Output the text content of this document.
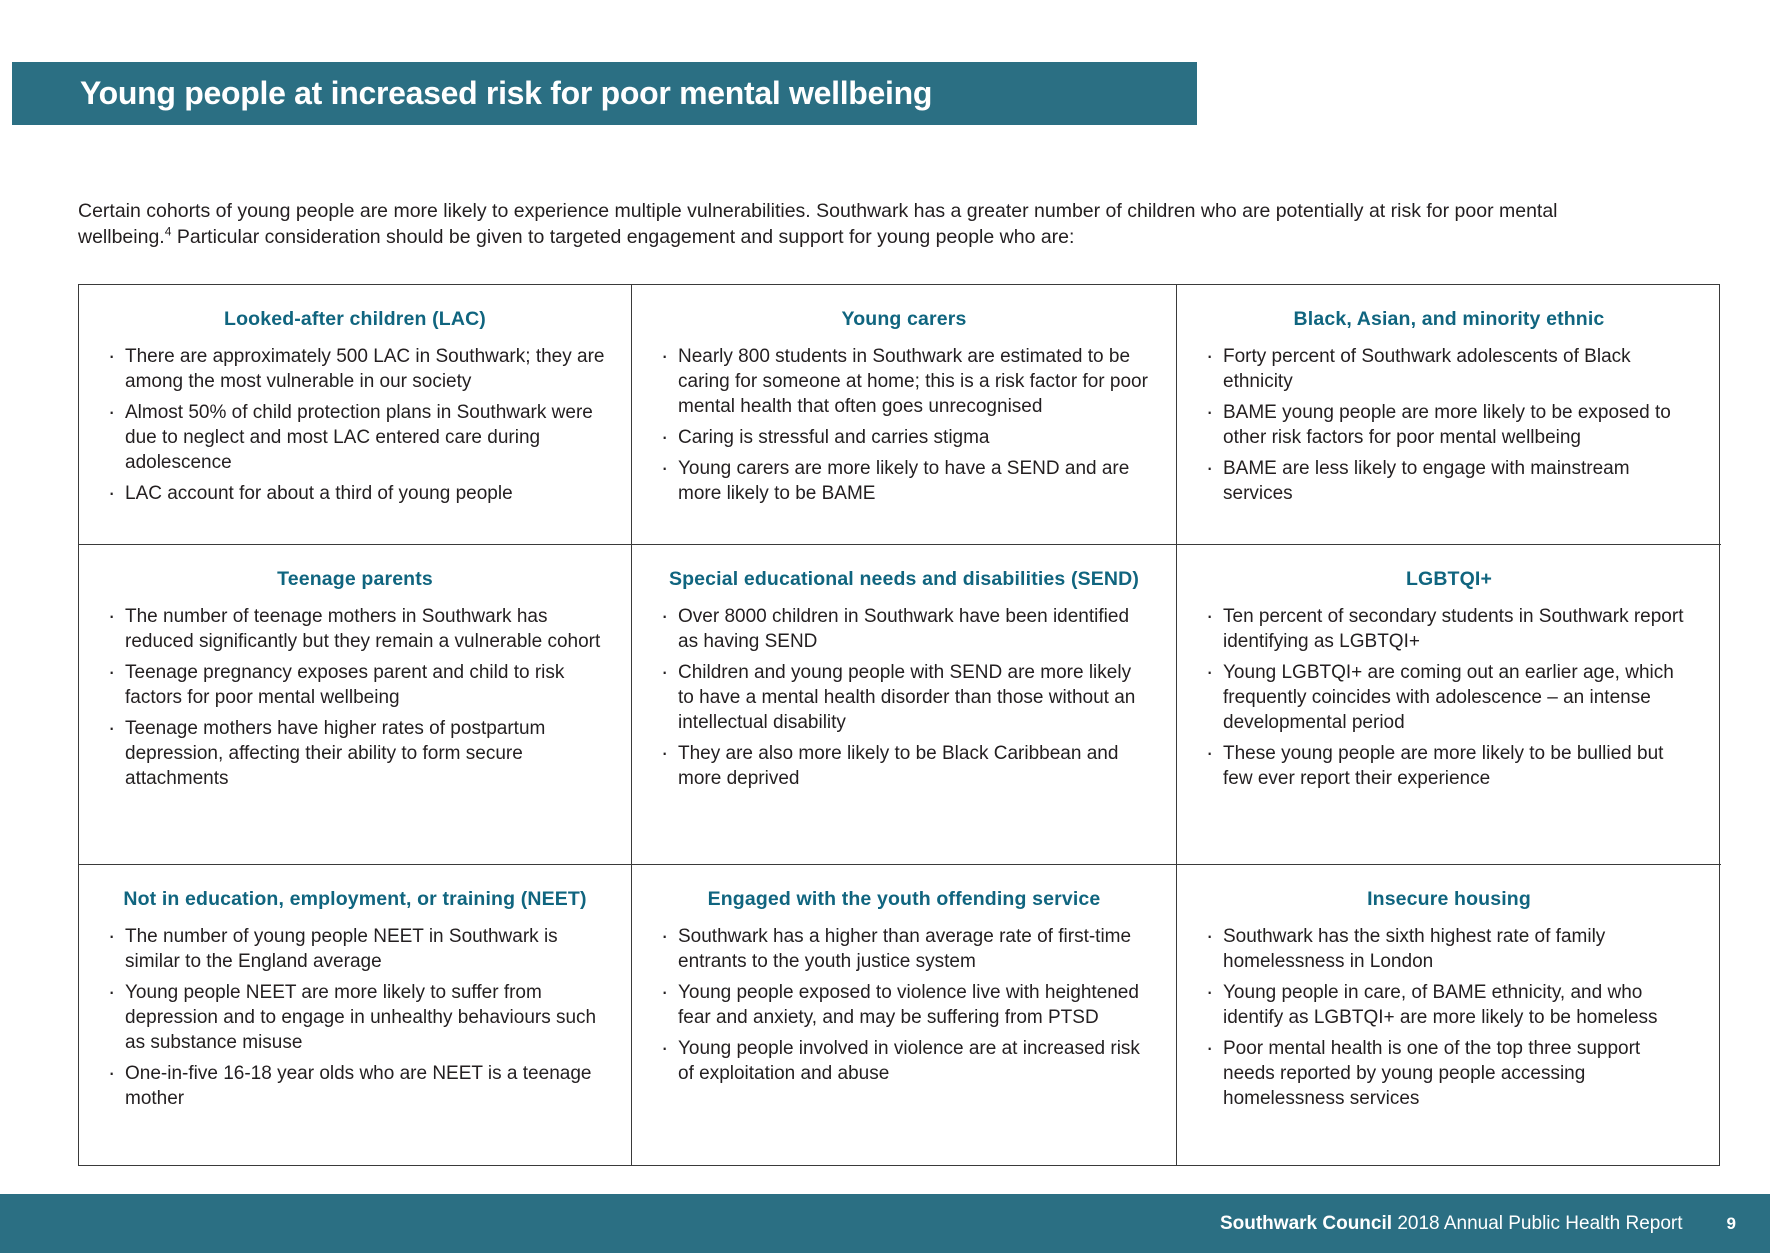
Young people at increased risk for poor mental wellbeing

Certain cohorts of young people are more likely to experience multiple vulnerabilities. Southwark has a greater number of children who are potentially at risk for poor mental wellbeing.$^4$ Particular consideration should be given to targeted engagement and support for young people who are:

Looked-after children (LAC)
· There are approximately 500 LAC in Southwark; they are among the most vulnerable in our society
· Almost 50% of child protection plans in Southwark were due to neglect and most LAC entered care during adolescence
· LAC account for about a third of young people
Young carers
· Nearly 800 students in Southwark are estimated to be caring for someone at home; this is a risk factor for poor mental health that often goes unrecognised
· Caring is stressful and carries stigma
· Young carers are more likely to have a SEND and are more likely to be BAME
Black, Asian, and minority ethnic
· Forty percent of Southwark adolescents of Black ethnicity
· BAME young people are more likely to be exposed to other risk factors for poor mental wellbeing
· BAME are less likely to engage with mainstream services
Teenage parents
· The number of teenage mothers in Southwark has reduced significantly but they remain a vulnerable cohort
· Teenage pregnancy exposes parent and child to risk factors for poor mental wellbeing
· Teenage mothers have higher rates of postpartum depression, affecting their ability to form secure attachments
Special educational needs and disabilities (SEND)
· Over 8000 children in Southwark have been identified as having SEND
· Children and young people with SEND are more likely to have a mental health disorder than those without an intellectual disability
· They are also more likely to be Black Caribbean and more deprived
LGBTQI+
· Ten percent of secondary students in Southwark report identifying as LGBTQI+
· Young LGBTQI+ are coming out an earlier age, which frequently coincides with adolescence – an intense developmental period
· These young people are more likely to be bullied but few ever report their experience
Not in education, employment, or training (NEET)
· The number of young people NEET in Southwark is similar to the England average
· Young people NEET are more likely to suffer from depression and to engage in unhealthy behaviours such as substance misuse
· One-in-five 16-18 year olds who are NEET is a teenage mother
Engaged with the youth offending service
· Southwark has a higher than average rate of first-time entrants to the youth justice system
· Young people exposed to violence live with heightened fear and anxiety, and may be suffering from PTSD
· Young people involved in violence are at increased risk of exploitation and abuse
Insecure housing
· Southwark has the sixth highest rate of family homelessness in London
· Young people in care, of BAME ethnicity, and who identify as LGBTQI+ are more likely to be homeless
· Poor mental health is one of the top three support needs reported by young people accessing homelessness services
Southwark Council 2018 Annual Public Health Report	9
